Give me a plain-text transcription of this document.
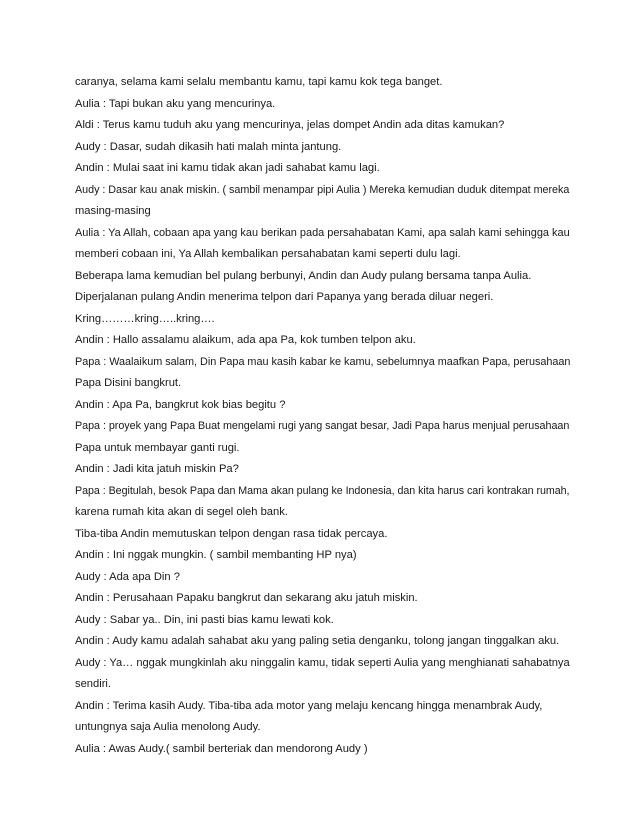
caranya, selama kami selalu membantu kamu, tapi kamu kok tega banget.
Aulia : Tapi bukan aku yang mencurinya.
Aldi : Terus kamu tuduh aku yang mencurinya, jelas dompet Andin ada ditas kamukan?
Audy : Dasar, sudah dikasih hati malah minta jantung.
Andin : Mulai saat ini kamu tidak akan jadi sahabat kamu lagi.
Audy : Dasar kau anak miskin. ( sambil menampar pipi Aulia ) Mereka kemudian duduk ditempat mereka
masing-masing
Aulia : Ya Allah, cobaan apa yang kau berikan pada persahabatan Kami, apa salah kami sehingga kau
memberi cobaan ini, Ya Allah kembalikan persahabatan kami seperti dulu lagi.
Beberapa lama kemudian bel pulang berbunyi, Andin dan Audy pulang bersama tanpa Aulia.
Diperjalanan pulang Andin menerima telpon dari Papanya yang berada diluar negeri.
Kring………kring…..kring….
Andin : Hallo assalamu alaikum, ada apa Pa, kok tumben telpon aku.
Papa : Waalaikum salam, Din Papa mau kasih kabar ke kamu, sebelumnya maafkan Papa, perusahaan
Papa Disini bangkrut.
Andin : Apa Pa, bangkrut kok bias begitu ?
Papa : proyek yang Papa Buat mengelami rugi yang sangat besar, Jadi Papa harus menjual perusahaan
Papa untuk membayar ganti rugi.
Andin : Jadi kita jatuh miskin Pa?
Papa : Begitulah, besok Papa dan Mama akan pulang ke Indonesia, dan kita harus cari kontrakan rumah,
karena rumah kita akan di segel oleh bank.
Tiba-tiba Andin memutuskan telpon dengan rasa tidak percaya.
Andin : Ini nggak mungkin. ( sambil membanting HP nya)
Audy : Ada apa Din ?
Andin : Perusahaan Papaku bangkrut dan sekarang aku jatuh miskin.
Audy : Sabar ya.. Din, ini pasti bias kamu lewati kok.
Andin : Audy kamu adalah sahabat aku yang paling setia denganku, tolong jangan tinggalkan aku.
Audy : Ya… nggak mungkinlah aku ninggalin kamu, tidak seperti Aulia yang menghianati sahabatnya
sendiri.
Andin : Terima kasih Audy. Tiba-tiba ada motor yang melaju kencang hingga menambrak Audy,
untungnya saja Aulia menolong Audy.
Aulia : Awas Audy.( sambil berteriak dan mendorong Audy )
